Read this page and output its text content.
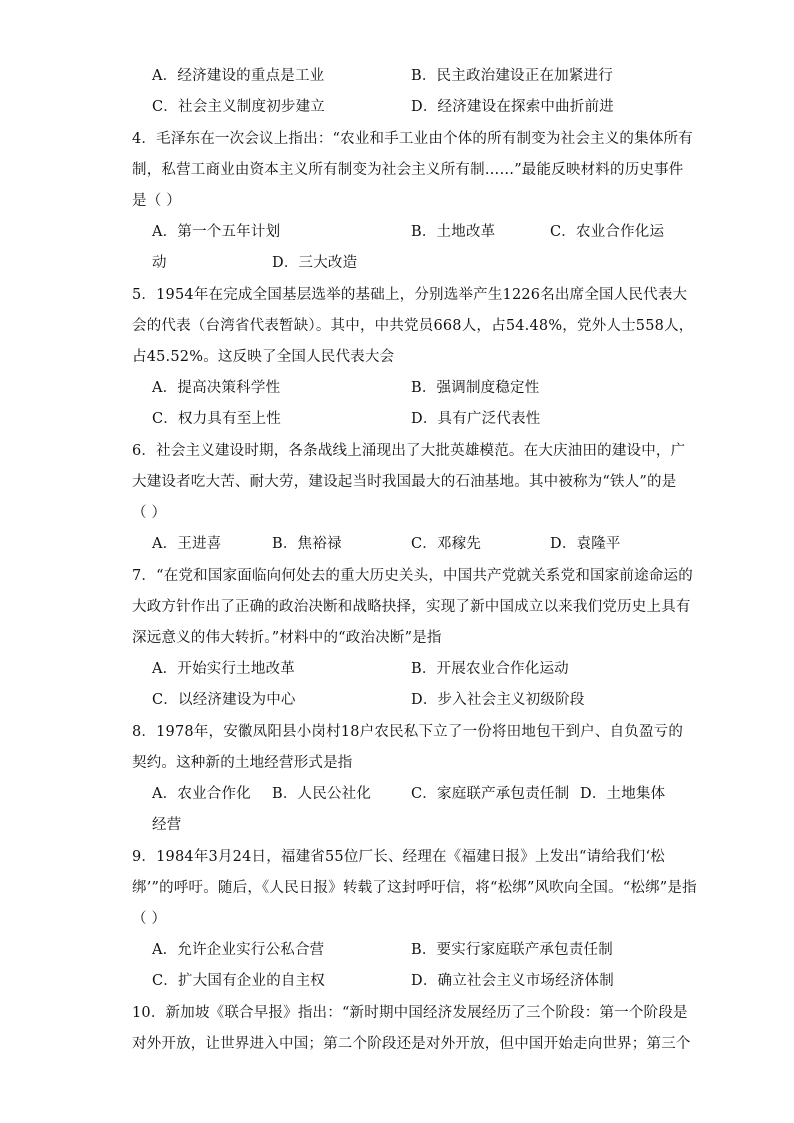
A．经济建设的重点是工业	B．民主政治建设正在加紧进行
C．社会主义制度初步建立	D．经济建设在探索中曲折前进
4．毛泽东在一次会议上指出：“农业和手工业由个体的所有制变为社会主义的集体所有
制，私营工商业由资本主义所有制变为社会主义所有制……”最能反映材料的历史事件
是（ ）
A．第一个五年计划	B．土地改革	C．农业合作化运
动	D．三大改造
5．1954年在完成全国基层选举的基础上，分别选举产生1226名出席全国人民代表大
会的代表（台湾省代表暂缺）。其中，中共党员668人，占54.48%，党外人士558人，
占45.52%。这反映了全国人民代表大会
A．提高决策科学性	B．强调制度稳定性
C．权力具有至上性	D．具有广泛代表性
6．社会主义建设时期，各条战线上涌现出了大批英雄模范。在大庆油田的建设中，广
大建设者吃大苦、耐大劳，建设起当时我国最大的石油基地。其中被称为“铁人”的是
（ ）
A．王进喜	B．焦裕禄	C．邓稼先	D．袁隆平
7．“在党和国家面临向何处去的重大历史关头，中国共产党就关系党和国家前途命运的
大政方针作出了正确的政治决断和战略抉择，实现了新中国成立以来我们党历史上具有
深远意义的伟大转折。”材料中的“政治决断”是指
A．开始实行土地改革	B．开展农业合作化运动
C．以经济建设为中心	D．步入社会主义初级阶段
8．1978年，安徽凤阳县小岗村18户农民私下立了一份将田地包干到户、自负盈亏的
契约。这种新的土地经营形式是指
A．农业合作化 B．人民公社化	C．家庭联产承包责任制 D．土地集体
经营
9．1984年3月24日，福建省55位厂长、经理在《福建日报》上发出“请给我们‘松
绑’”的呼吁。随后，《人民日报》转载了这封呼吁信，将“松绑”风吹向全国。“松绑”是指
（ ）
A．允许企业实行公私合营	B．要实行家庭联产承包责任制
C．扩大国有企业的自主权	D．确立社会主义市场经济体制
10．新加坡《联合早报》指出：“新时期中国经济发展经历了三个阶段：第一个阶段是
对外开放，让世界进入中国；第二个阶段还是对外开放，但中国开始走向世界；第三个
